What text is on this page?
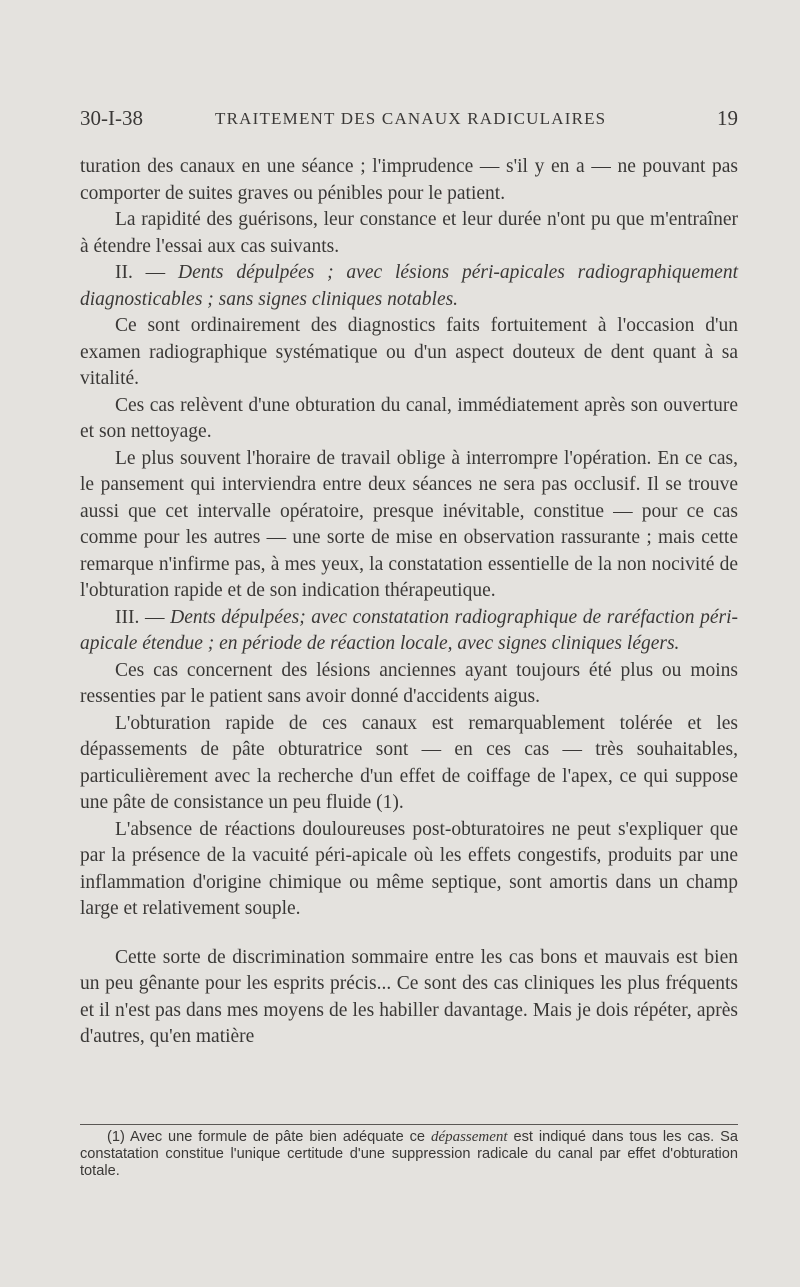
30-I-38	TRAITEMENT DES CANAUX RADICULAIRES	19

turation des canaux en une séance ; l'imprudence — s'il y en a — ne pouvant pas comporter de suites graves ou pénibles pour le patient.

La rapidité des guérisons, leur constance et leur durée n'ont pu que m'entraîner à étendre l'essai aux cas suivants.

II. — Dents dépulpées ; avec lésions péri-apicales radiographiquement diagnosticables ; sans signes cliniques notables.

Ce sont ordinairement des diagnostics faits fortuitement à l'occasion d'un examen radiographique systématique ou d'un aspect douteux de dent quant à sa vitalité.

Ces cas relèvent d'une obturation du canal, immédiatement après son ouverture et son nettoyage.

Le plus souvent l'horaire de travail oblige à interrompre l'opération. En ce cas, le pansement qui interviendra entre deux séances ne sera pas occlusif. Il se trouve aussi que cet intervalle opératoire, presque inévitable, constitue — pour ce cas comme pour les autres — une sorte de mise en observation rassurante ; mais cette remarque n'infirme pas, à mes yeux, la constatation essentielle de la non nocivité de l'obturation rapide et de son indication thérapeutique.

III. — Dents dépulpées; avec constatation radiographique de raréfaction péri-apicale étendue ; en période de réaction locale, avec signes cliniques légers.

Ces cas concernent des lésions anciennes ayant toujours été plus ou moins ressenties par le patient sans avoir donné d'accidents aigus.

L'obturation rapide de ces canaux est remarquablement tolérée et les dépassements de pâte obturatrice sont — en ces cas — très souhaitables, particulièrement avec la recherche d'un effet de coiffage de l'apex, ce qui suppose une pâte de consistance un peu fluide (1).

L'absence de réactions douloureuses post-obturatoires ne peut s'expliquer que par la présence de la vacuité péri-apicale où les effets congestifs, produits par une inflammation d'origine chimique ou même septique, sont amortis dans un champ large et relativement souple.

Cette sorte de discrimination sommaire entre les cas bons et mauvais est bien un peu gênante pour les esprits précis... Ce sont des cas cliniques les plus fréquents et il n'est pas dans mes moyens de les habiller davantage. Mais je dois répéter, après d'autres, qu'en matière

(1) Avec une formule de pâte bien adéquate ce dépassement est indiqué dans tous les cas. Sa constatation constitue l'unique certitude d'une suppression radicale du canal par effet d'obturation totale.
